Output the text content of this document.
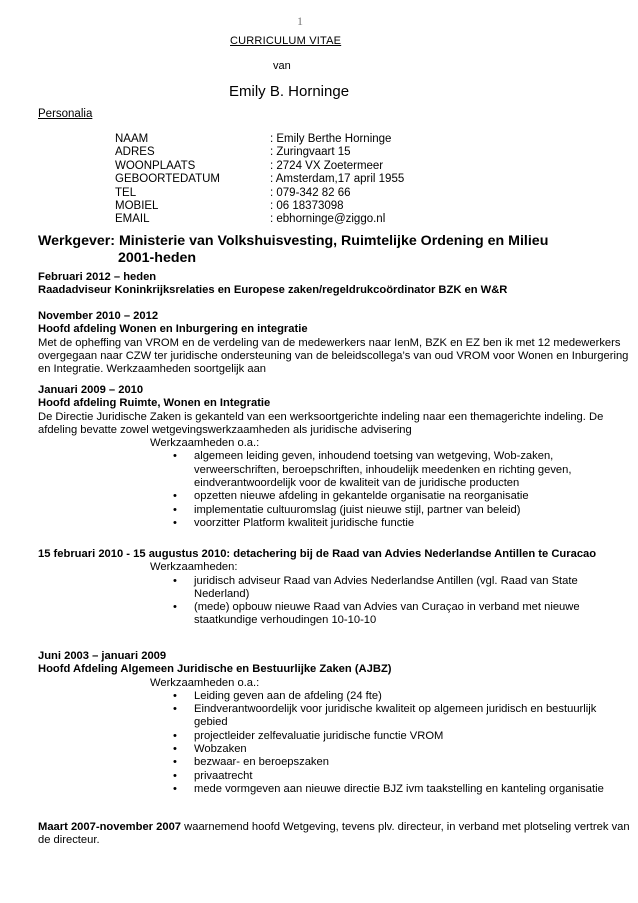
1
CURRICULUM VITAE
van
Emily B. Horninge
Personalia
NAAM	: Emily Berthe Horninge
ADRES	: Zuringvaart 15
WOONPLAATS	: 2724 VX Zoetermeer
GEBOORTEDATUM	: Amsterdam,17 april 1955
TEL	: 079-342 82 66
MOBIEL	: 06 18373098
EMAIL	: ebhorninge@ziggo.nl
Werkgever: Ministerie van Volkshuisvesting, Ruimtelijke Ordening en Milieu
2001-heden

Februari 2012 – heden

Raadadviseur Koninkrijksrelaties en Europese zaken/regeldrukcoördinator BZK en W&R

November 2010 – 2012

Hoofd afdeling Wonen en Inburgering en integratie

Met de opheffing van VROM en de verdeling van de medewerkers naar IenM, BZK en EZ ben ik met 12 medewerkers overgegaan naar CZW ter juridische ondersteuning van de beleidscollega’s van oud VROM voor Wonen en Inburgering en Integratie. Werkzaamheden soortgelijk aan

Januari 2009 – 2010

Hoofd afdeling Ruimte, Wonen en Integratie

De Directie Juridische Zaken is gekanteld van een werksoortgerichte indeling naar een themagerichte indeling. De afdeling bevatte zowel wetgevingswerkzaamheden als juridische advisering

Werkzaamheden o.a.:

• algemeen leiding geven, inhoudend toetsing van wetgeving, Wob-zaken, verweerschriften, beroepschriften, inhoudelijk meedenken en richting geven, eindverantwoordelijk voor de kwaliteit van de juridische producten
• opzetten nieuwe afdeling in gekantelde organisatie na reorganisatie
• implementatie cultuuromslag (juist nieuwe stijl, partner van beleid)
• voorzitter Platform kwaliteit juridische functie

15 februari 2010 - 15 augustus 2010: detachering bij de Raad van Advies Nederlandse Antillen te Curacao

Werkzaamheden:

• juridisch adviseur Raad van Advies Nederlandse Antillen (vgl. Raad van State Nederland)
• (mede) opbouw nieuwe Raad van Advies van Curaçao in verband met nieuwe staatkundige verhoudingen 10-10-10

Juni 2003 – januari 2009

Hoofd Afdeling Algemeen Juridische en Bestuurlijke Zaken (AJBZ)

Werkzaamheden o.a.:

• Leiding geven aan de afdeling (24 fte)
• Eindverantwoordelijk voor juridische kwaliteit op algemeen juridisch en bestuurlijk gebied
• projectleider zelfevaluatie juridische functie VROM
• Wobzaken
• bezwaar- en beroepszaken
• privaatrecht
• mede vormgeven aan nieuwe directie BJZ ivm taakstelling en kanteling organisatie

Maart 2007-november 2007 waarnemend hoofd Wetgeving, tevens plv. directeur, in verband met plotseling vertrek van de directeur.
